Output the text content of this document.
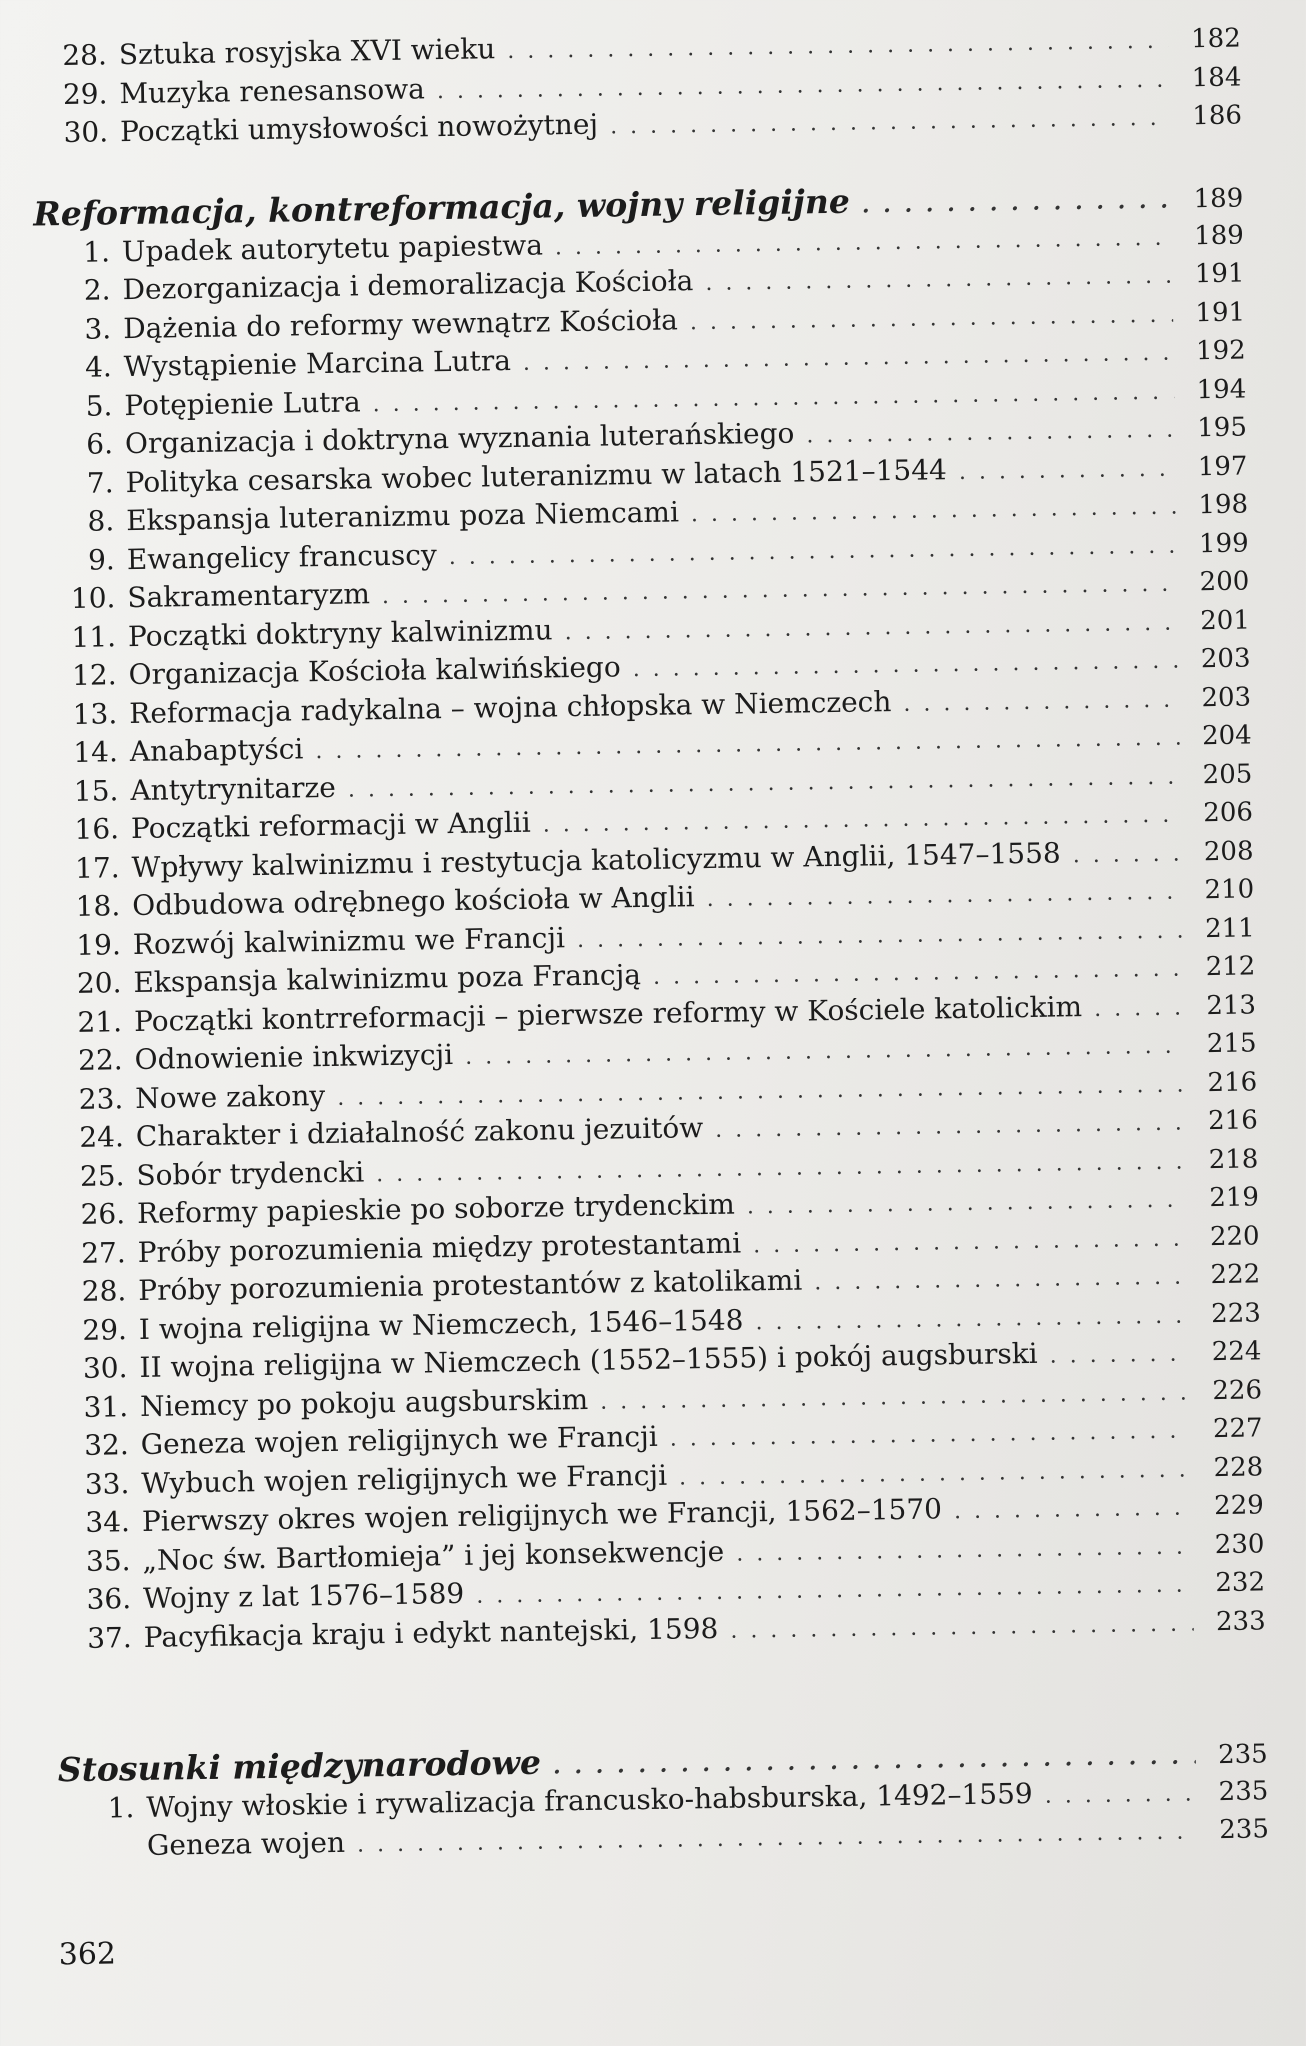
28. Sztuka rosyjska XVI wieku . . .	182
29. Muzyka renesansowa . . .	184
30. Początki umysłowości nowożytnej . . .	186
Reformacja, kontreformacja, wojny religijne . . .	189
1. Upadek autorytetu papiestwa . . .	189
2. Dezorganizacja i demoralizacja Kościoła . . .	191
3. Dążenia do reformy wewnątrz Kościoła . . .	191
4. Wystąpienie Marcina Lutra . . .	192
5. Potępienie Lutra . . .	194
6. Organizacja i doktryna wyznania luterańskiego . . .	195
7. Polityka cesarska wobec luteranizmu w latach 1521–1544 . . .	197
8. Ekspansja luteranizmu poza Niemcami . . .	198
9. Ewangelicy francuscy . . .	199
10. Sakramentaryzm . . .	200
11. Początki doktryny kalwinizmu . . .	201
12. Organizacja Kościoła kalwińskiego . . .	203
13. Reformacja radykalna – wojna chłopska w Niemczech . . .	203
14. Anabaptyści . . .	204
15. Antytrynitarze . . .	205
16. Początki reformacji w Anglii . . .	206
17. Wpływy kalwinizmu i restytucja katolicyzmu w Anglii, 1547–1558 . . .	208
18. Odbudowa odrębnego kościoła w Anglii . . .	210
19. Rozwój kalwinizmu we Francji . . .	211
20. Ekspansja kalwinizmu poza Francją . . .	212
21. Początki kontrreformacji – pierwsze reformy w Kościele katolickim . . .	213
22. Odnowienie inkwizycji . . .	215
23. Nowe zakony . . .	216
24. Charakter i działalność zakonu jezuitów . . .	216
25. Sobór trydencki . . .	218
26. Reformy papieskie po soborze trydenckim . . .	219
27. Próby porozumienia między protestantami . . .	220
28. Próby porozumienia protestantów z katolikami . . .	222
29. I wojna religijna w Niemczech, 1546–1548 . . .	223
30. II wojna religijna w Niemczech (1552–1555) i pokój augsburski . . .	224
31. Niemcy po pokoju augsburskim . . .	226
32. Geneza wojen religijnych we Francji . . .	227
33. Wybuch wojen religijnych we Francji . . .	228
34. Pierwszy okres wojen religijnych we Francji, 1562–1570 . . .	229
35. „Noc św. Bartłomieja” i jej konsekwencje . . .	230
36. Wojny z lat 1576–1589 . . .	232
37. Pacyfikacja kraju i edykt nantejski, 1598 . . .	233
Stosunki międzynarodowe . . .	235
1. Wojny włoskie i rywalizacja francusko-habsburska, 1492–1559 . . .	235
Geneza wojen . . .	235
362
